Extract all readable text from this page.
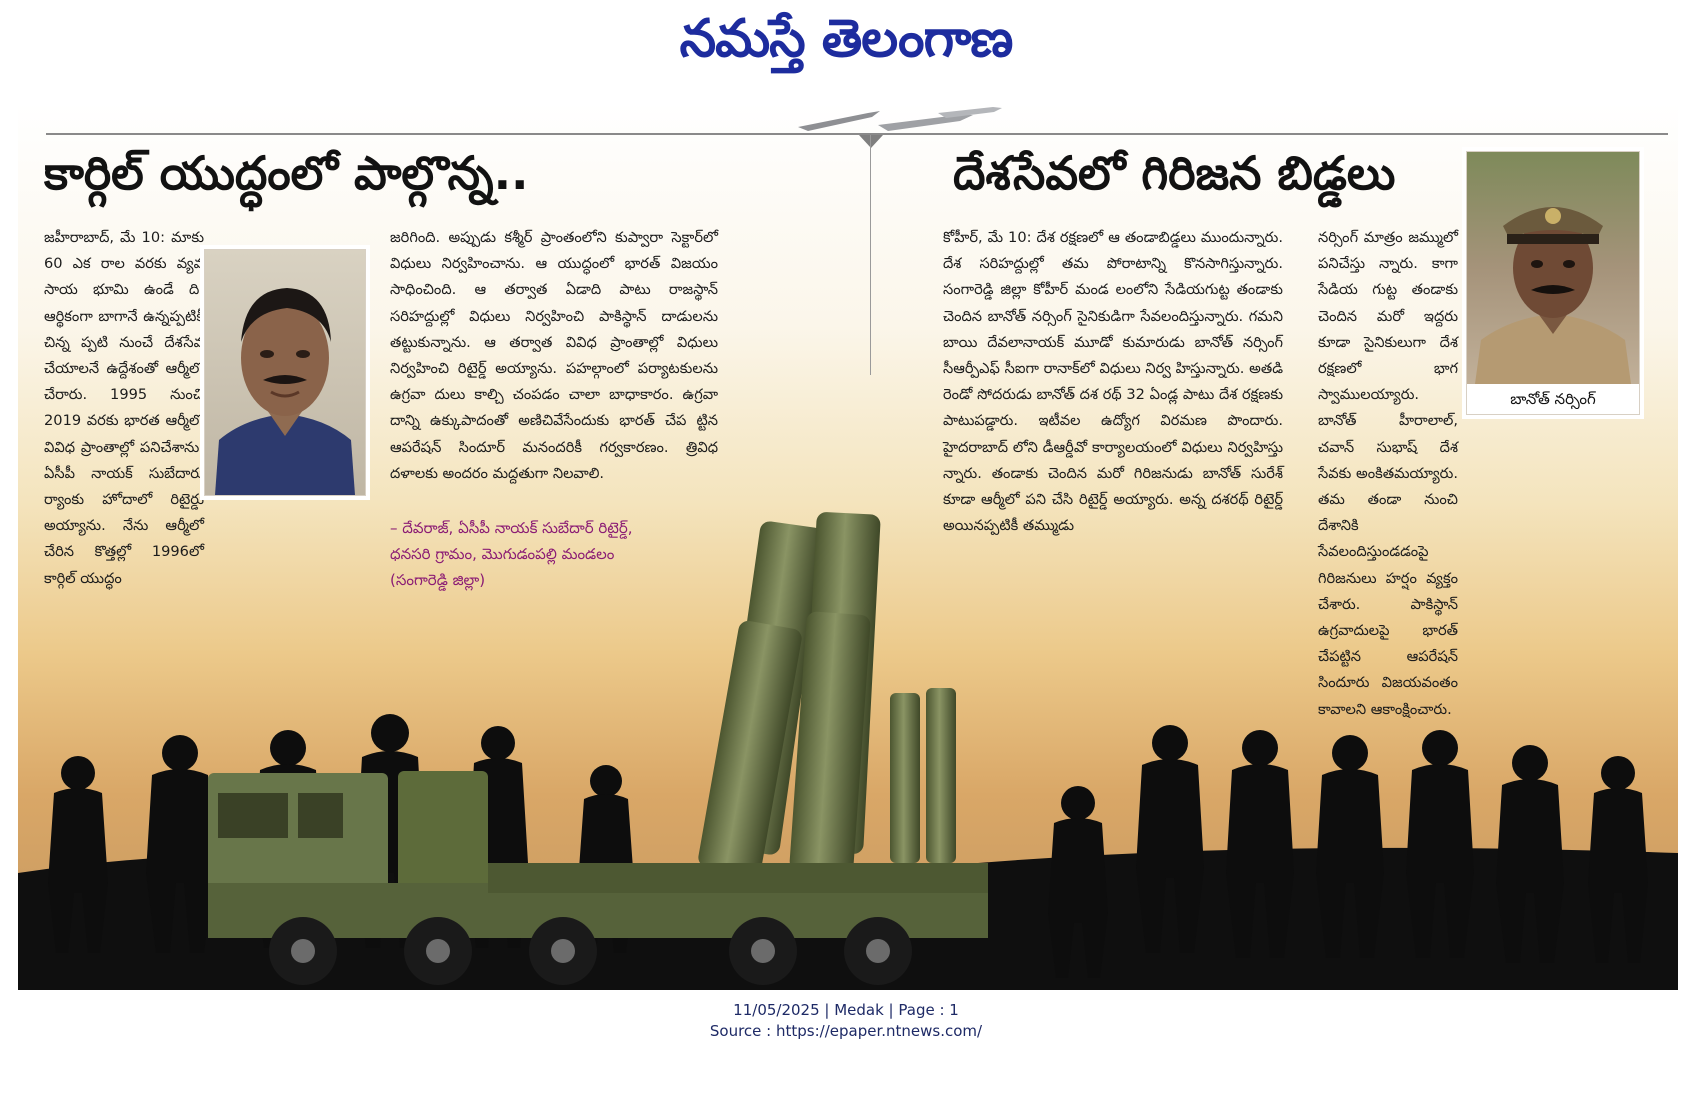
నమస్తే తెలంగాణ
కార్గిల్ యుద్ధంలో పాల్గొన్న..

జహీరాబాద్, మే 10: మాకు 60 ఎక రాల వరకు వ్యవ సాయ భూమి ఉండే ది. ఆర్థికంగా బాగానే ఉన్నప్పటికీ చిన్న ప్పటి నుంచే దేశసేవ చేయాలనే ఉద్దేశంతో ఆర్మీలో చేరారు. 1995 నుంచి 2019 వరకు భారత ఆర్మీలో వివిధ ప్రాంతాల్లో పనిచేశాను. ఏసీపీ నాయక్ సుబేదారు ర్యాంకు హోదాలో రిటైర్డు అయ్యాను. నేను ఆర్మీలో చేరిన కొత్తల్లో 1996లో కార్గిల్ యుద్ధం

జరిగింది. అప్పుడు కశ్మీర్ ప్రాంతంలోని కుప్వారా సెక్టార్‌లో విధులు నిర్వహించాను. ఆ యుద్ధంలో భారత్ విజయం సాధించింది. ఆ తర్వాత ఏడాది పాటు రాజస్థాన్ సరిహద్దుల్లో విధులు నిర్వహించి పాకిస్థాన్ దాడులను తట్టుకున్నాను. ఆ తర్వాత వివిధ ప్రాంతాల్లో విధులు నిర్వహించి రిటైర్డ్ అయ్యాను. పహల్గాంలో పర్యాటకులను ఉగ్రవా దులు కాల్చి చంపడం చాలా బాధాకారం. ఉగ్రవా దాన్ని ఉక్కుపాదంతో అణిచివేసేందుకు భారత్ చేప ట్టిన ఆపరేషన్ సిందూర్ మనందరికీ గర్వకారణం. త్రివిధ దళాలకు అందరం మద్దతుగా నిలవాలి.

– దేవరాజ్, ఏసీపీ నాయక్ సుబేదార్ రిటైర్డ్,
ధనసరి గ్రామం, మొగుడంపల్లి మండలం
(సంగారెడ్డి జిల్లా)
దేశసేవలో గిరిజన బిడ్డలు

కోహీర్, మే 10: దేశ రక్షణలో ఆ తండాబిడ్డలు ముందున్నారు. దేశ సరిహద్దుల్లో తమ పోరాటాన్ని కొనసాగిస్తున్నారు. సంగారెడ్డి జిల్లా కోహీర్ మండ లంలోని సేడియగుట్ట తండాకు చెందిన బానోత్ నర్సింగ్ సైనికుడిగా సేవలందిస్తున్నారు. గమని బాయి దేవలానాయక్ మూడో కుమారుడు బానోత్ నర్సింగ్ సీఆర్పీఎఫ్ సీఐగా రానాక్‌లో విధులు నిర్వ హిస్తున్నారు. అతడి రెండో సోదరుడు బానోత్ దశ రథ్ 32 ఏండ్ల పాటు దేశ రక్షణకు పాటుపడ్డారు. ఇటీవల ఉద్యోగ విరమణ పొందారు. హైదరాబాద్ లోని డీఆర్డీవో కార్యాలయంలో విధులు నిర్వహిస్తు న్నారు. తండాకు చెందిన మరో గిరిజనుడు బానోత్ సురేశ్ కూడా ఆర్మీలో పని చేసి రిటైర్డ్ అయ్యారు. అన్న దశరథ్ రిటైర్డ్ అయినప్పటికీ తమ్ముడు

నర్సింగ్ మాత్రం జమ్ములో పనిచేస్తు న్నారు. కాగా సేడియ గుట్ట తండాకు చెందిన మరో ఇద్దరు కూడా సైనికులుగా దేశ రక్షణలో భాగ స్వాములయ్యారు. బానోత్ హీరాలాల్, చవాన్ సుభాష్ దేశ సేవకు అంకితమయ్యారు. తమ తండా నుంచి దేశానికి సేవలందిస్తుండడంపై గిరిజనులు హర్షం వ్యక్తం చేశారు. పాకిస్థాన్ ఉగ్రవాదులపై భారత్ చేపట్టిన ఆపరేషన్ సిందూరు విజయవంతం కావాలని ఆకాంక్షించారు.

బానోత్ నర్సింగ్
11/05/2025 | Medak | Page : 1
Source : https://epaper.ntnews.com/
